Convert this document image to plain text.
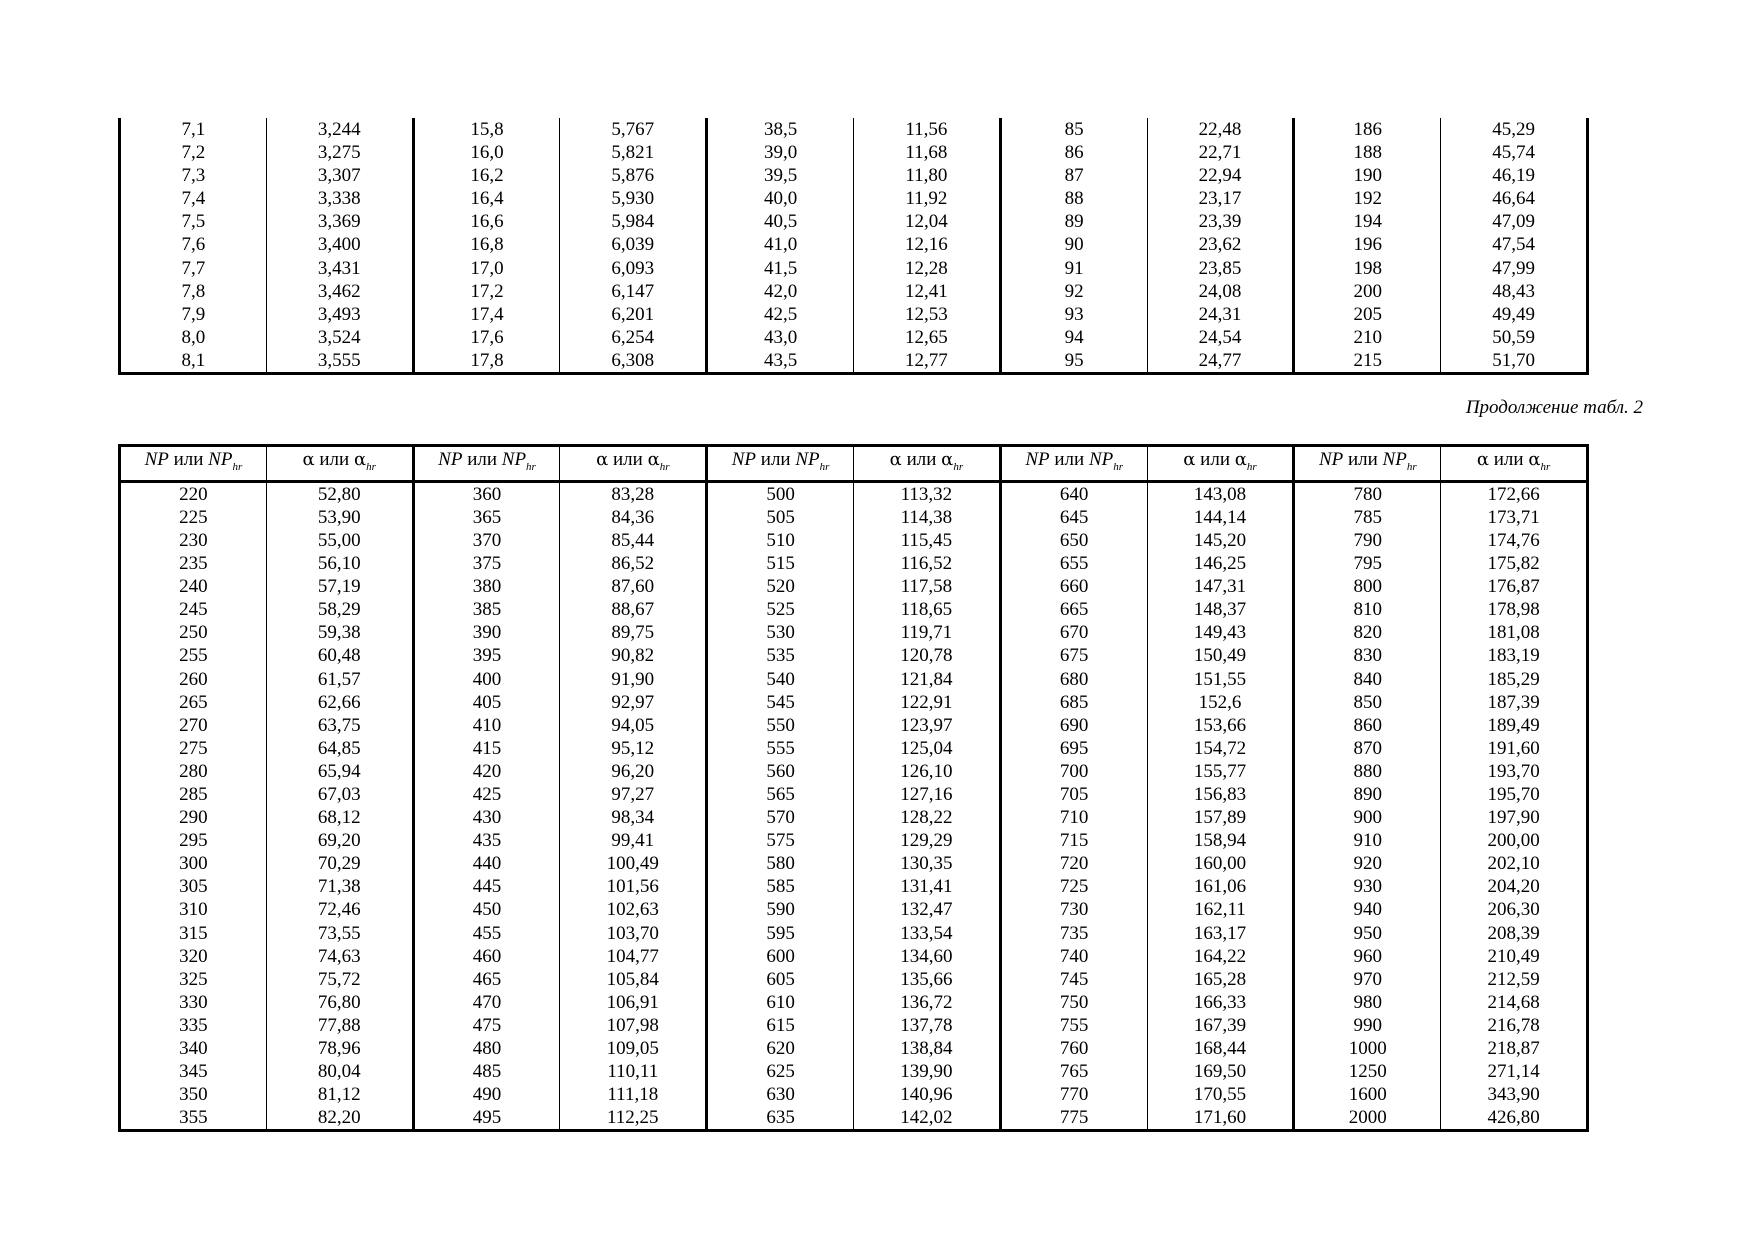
7,1	3,244	15,8	5,767	38,5	11,56	85	22,48	186	45,29
7,2	3,275	16,0	5,821	39,0	11,68	86	22,71	188	45,74
7,3	3,307	16,2	5,876	39,5	11,80	87	22,94	190	46,19
7,4	3,338	16,4	5,930	40,0	11,92	88	23,17	192	46,64
7,5	3,369	16,6	5,984	40,5	12,04	89	23,39	194	47,09
7,6	3,400	16,8	6,039	41,0	12,16	90	23,62	196	47,54
7,7	3,431	17,0	6,093	41,5	12,28	91	23,85	198	47,99
7,8	3,462	17,2	6,147	42,0	12,41	92	24,08	200	48,43
7,9	3,493	17,4	6,201	42,5	12,53	93	24,31	205	49,49
8,0	3,524	17,6	6,254	43,0	12,65	94	24,54	210	50,59
8,1	3,555	17,8	6,308	43,5	12,77	95	24,77	215	51,70
Продолжение табл. 2
NP или $NP_{hr}$	α или $\alpha_{hr}$	NP или $NP_{hr}$	α или $\alpha_{hr}$	NP или $NP_{hr}$	α или $\alpha_{hr}$	NP или $NP_{hr}$	α или $\alpha_{hr}$	NP или $NP_{hr}$	α или $\alpha_{hr}$
220	52,80	360	83,28	500	113,32	640	143,08	780	172,66
225	53,90	365	84,36	505	114,38	645	144,14	785	173,71
230	55,00	370	85,44	510	115,45	650	145,20	790	174,76
235	56,10	375	86,52	515	116,52	655	146,25	795	175,82
240	57,19	380	87,60	520	117,58	660	147,31	800	176,87
245	58,29	385	88,67	525	118,65	665	148,37	810	178,98
250	59,38	390	89,75	530	119,71	670	149,43	820	181,08
255	60,48	395	90,82	535	120,78	675	150,49	830	183,19
260	61,57	400	91,90	540	121,84	680	151,55	840	185,29
265	62,66	405	92,97	545	122,91	685	152,6	850	187,39
270	63,75	410	94,05	550	123,97	690	153,66	860	189,49
275	64,85	415	95,12	555	125,04	695	154,72	870	191,60
280	65,94	420	96,20	560	126,10	700	155,77	880	193,70
285	67,03	425	97,27	565	127,16	705	156,83	890	195,70
290	68,12	430	98,34	570	128,22	710	157,89	900	197,90
295	69,20	435	99,41	575	129,29	715	158,94	910	200,00
300	70,29	440	100,49	580	130,35	720	160,00	920	202,10
305	71,38	445	101,56	585	131,41	725	161,06	930	204,20
310	72,46	450	102,63	590	132,47	730	162,11	940	206,30
315	73,55	455	103,70	595	133,54	735	163,17	950	208,39
320	74,63	460	104,77	600	134,60	740	164,22	960	210,49
325	75,72	465	105,84	605	135,66	745	165,28	970	212,59
330	76,80	470	106,91	610	136,72	750	166,33	980	214,68
335	77,88	475	107,98	615	137,78	755	167,39	990	216,78
340	78,96	480	109,05	620	138,84	760	168,44	1000	218,87
345	80,04	485	110,11	625	139,90	765	169,50	1250	271,14
350	81,12	490	111,18	630	140,96	770	170,55	1600	343,90
355	82,20	495	112,25	635	142,02	775	171,60	2000	426,80
